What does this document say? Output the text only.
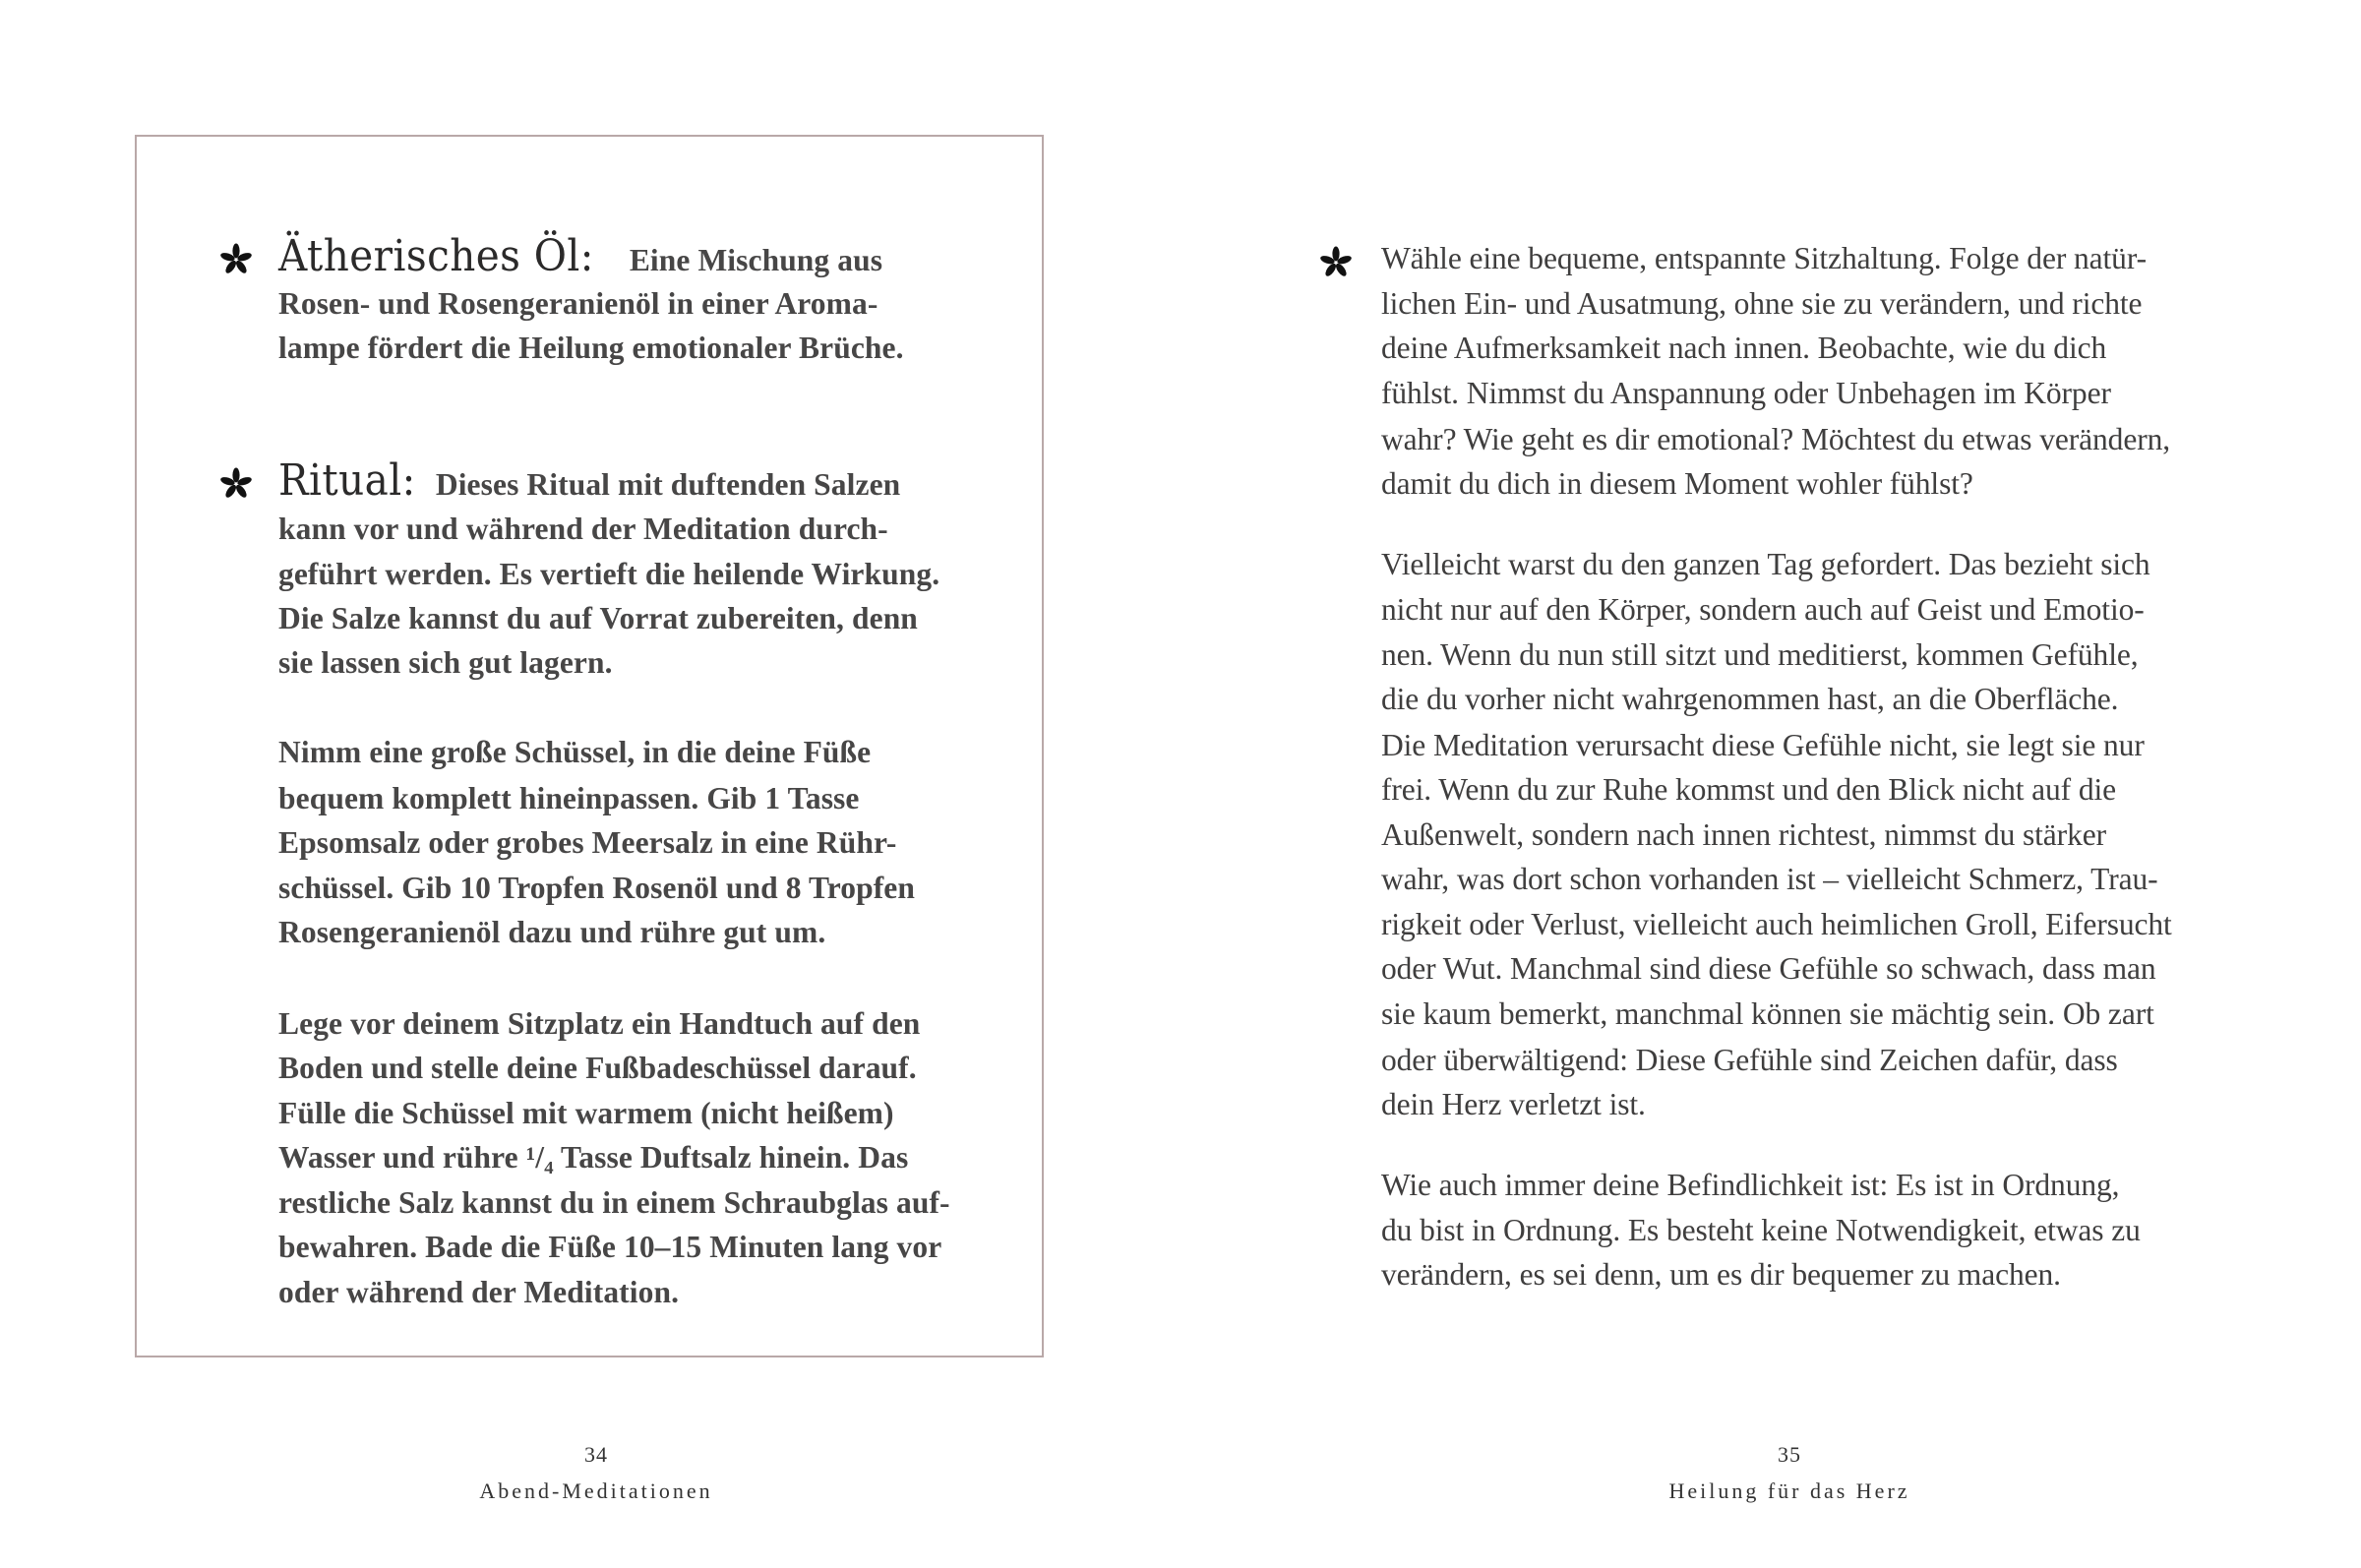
Ätherisches Öl: Eine Mischung aus
Rosen- und Rosengeranienöl in einer Aroma-
lampe fördert die Heilung emotionaler Brüche.
Ritual: Dieses Ritual mit duftenden Salzen
kann vor und während der Meditation durch-
geführt werden. Es vertieft die heilende Wirkung.
Die Salze kannst du auf Vorrat zubereiten, denn
sie lassen sich gut lagern.
Nimm eine große Schüssel, in die deine Füße
bequem komplett hineinpassen. Gib 1 Tasse
Epsomsalz oder grobes Meersalz in eine Rühr-
schüssel. Gib 10 Tropfen Rosenöl und 8 Tropfen
Rosengeranienöl dazu und rühre gut um.
Lege vor deinem Sitzplatz ein Handtuch auf den
Boden und stelle deine Fußbadeschüssel darauf.
Fülle die Schüssel mit warmem (nicht heißem)
Wasser und rühre ¹/₄ Tasse Duftsalz hinein. Das
restliche Salz kannst du in einem Schraubglas auf-
bewahren. Bade die Füße 10–15 Minuten lang vor
oder während der Meditation.
34
Abend-Meditationen
Wähle eine bequeme, entspannte Sitzhaltung. Folge der natür-
lichen Ein- und Ausatmung, ohne sie zu verändern, und richte
deine Aufmerksamkeit nach innen. Beobachte, wie du dich
fühlst. Nimmst du Anspannung oder Unbehagen im Körper
wahr? Wie geht es dir emotional? Möchtest du etwas verändern,
damit du dich in diesem Moment wohler fühlst?
Vielleicht warst du den ganzen Tag gefordert. Das bezieht sich
nicht nur auf den Körper, sondern auch auf Geist und Emotio-
nen. Wenn du nun still sitzt und meditierst, kommen Gefühle,
die du vorher nicht wahrgenommen hast, an die Oberfläche.
Die Meditation verursacht diese Gefühle nicht, sie legt sie nur
frei. Wenn du zur Ruhe kommst und den Blick nicht auf die
Außenwelt, sondern nach innen richtest, nimmst du stärker
wahr, was dort schon vorhanden ist – vielleicht Schmerz, Trau-
rigkeit oder Verlust, vielleicht auch heimlichen Groll, Eifersucht
oder Wut. Manchmal sind diese Gefühle so schwach, dass man
sie kaum bemerkt, manchmal können sie mächtig sein. Ob zart
oder überwältigend: Diese Gefühle sind Zeichen dafür, dass
dein Herz verletzt ist.
Wie auch immer deine Befindlichkeit ist: Es ist in Ordnung,
du bist in Ordnung. Es besteht keine Notwendigkeit, etwas zu
verändern, es sei denn, um es dir bequemer zu machen.
35
Heilung für das Herz
